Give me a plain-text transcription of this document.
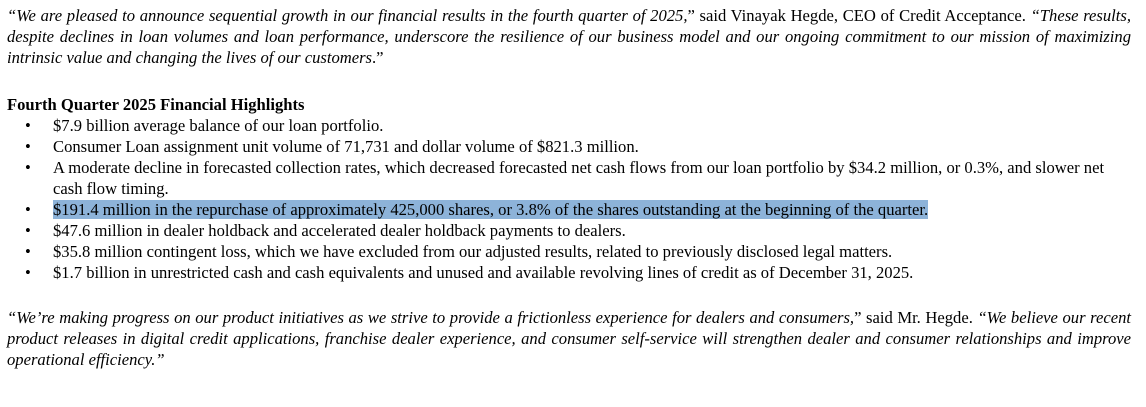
“We are pleased to announce sequential growth in our financial results in the fourth quarter of 2025,” said Vinayak Hegde, CEO of Credit Acceptance. “These results, despite declines in loan volumes and loan performance, underscore the resilience of our business model and our ongoing commitment to our mission of maximizing intrinsic value and changing the lives of our customers.”

Fourth Quarter 2025 Financial Highlights

• $7.9 billion average balance of our loan portfolio.
• Consumer Loan assignment unit volume of 71,731 and dollar volume of $821.3 million.
• A moderate decline in forecasted collection rates, which decreased forecasted net cash flows from our loan portfolio by $34.2 million, or 0.3%, and slower net cash flow timing.
• $191.4 million in the repurchase of approximately 425,000 shares, or 3.8% of the shares outstanding at the beginning of the quarter.
• $47.6 million in dealer holdback and accelerated dealer holdback payments to dealers.
• $35.8 million contingent loss, which we have excluded from our adjusted results, related to previously disclosed legal matters.
• $1.7 billion in unrestricted cash and cash equivalents and unused and available revolving lines of credit as of December 31, 2025.

“We’re making progress on our product initiatives as we strive to provide a frictionless experience for dealers and consumers,” said Mr. Hegde. “We believe our recent product releases in digital credit applications, franchise dealer experience, and consumer self-service will strengthen dealer and consumer relationships and improve operational efficiency.”
